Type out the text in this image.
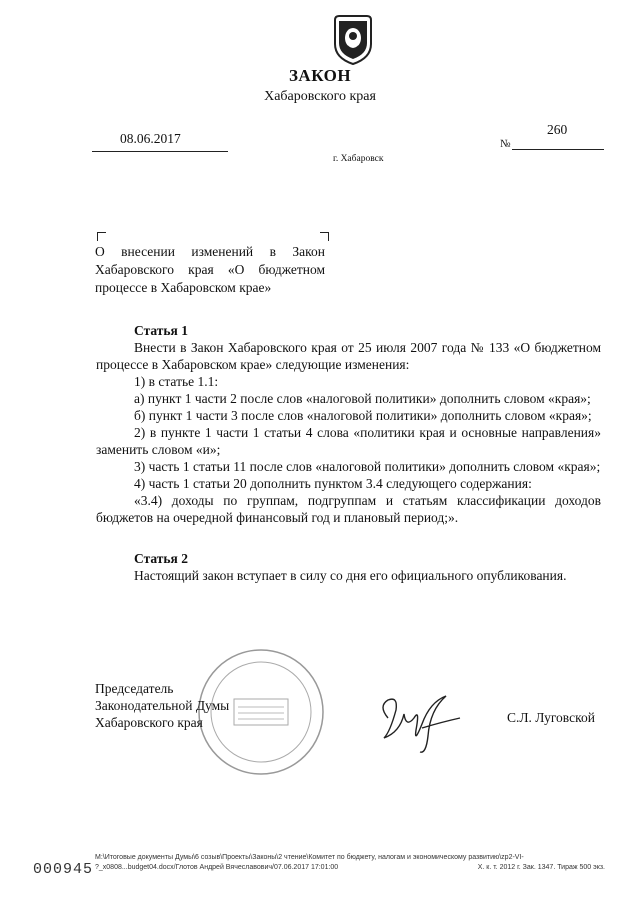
ЗАКОН
Хабаровского края
08.06.2017
260
№
г. Хабаровск
О внесении изменений в Закон
Хабаровского края «О бюджетном
процессе в Хабаровском крае»
Статья 1
Внести в Закон Хабаровского края от 25 июля 2007 года № 133 «О бюджетном процессе в Хабаровском крае» следующие изменения:
1) в статье 1.1:
а) пункт 1 части 2 после слов «налоговой политики» дополнить словом «края»;
б) пункт 1 части 3 после слов «налоговой политики» дополнить словом «края»;
2) в пункте 1 части 1 статьи 4 слова «политики края и основные направления» заменить словом «и»;
3) часть 1 статьи 11 после слов «налоговой политики» дополнить словом «края»;
4) часть 1 статьи 20 дополнить пунктом 3.4 следующего содержания:
«3.4) доходы по группам, подгруппам и статьям классификации доходов бюджетов на очередной финансовый год и плановый период;».
Статья 2
Настоящий закон вступает в силу со дня его официального опубликования.
Председатель
Законодательной Думы
Хабаровского края	С.Л. Луговской
M:\Итоговые документы Думы\6 созыв\Проекты\Законы\2 чтение\Комитет по бюджету, налогам и экономическому развитию\zp2-VI-
?_x0808...budget04.docx/Глотов Андрей Вячеславович/07.06.2017 17:01:00	Х. к. т. 2012 г. Зак. 1347. Тираж 500 экз.
000945
